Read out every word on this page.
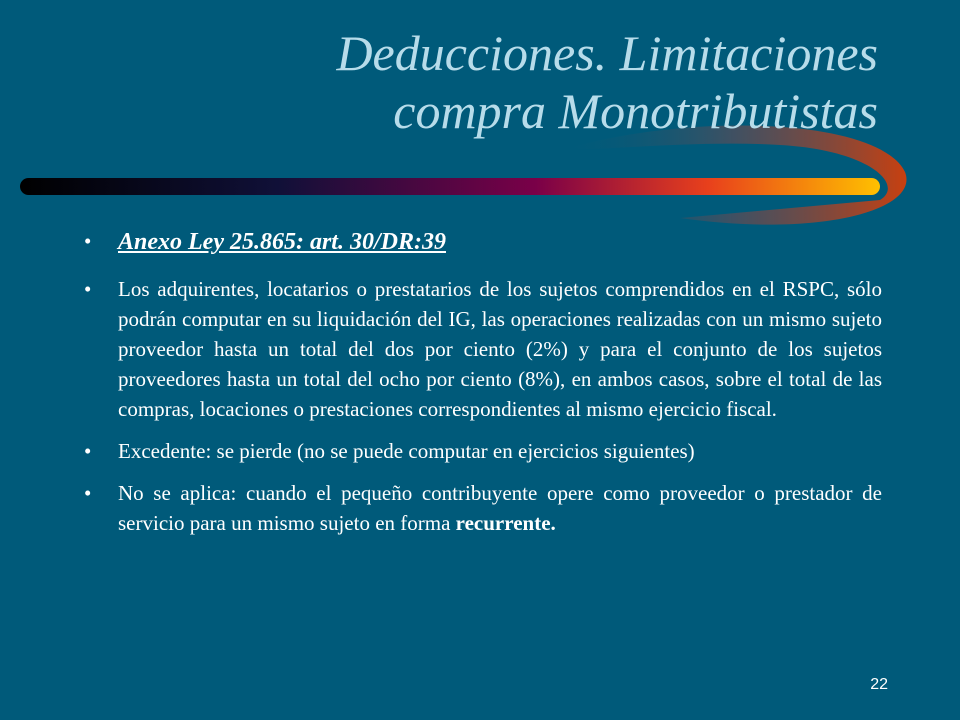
Deducciones. Limitaciones
compra Monotributistas
• Anexo Ley 25.865: art. 30/DR:39
• Los adquirentes, locatarios o prestatarios de los sujetos comprendidos en el RSPC, sólo podrán computar en su liquidación del IG, las operaciones realizadas con un mismo sujeto proveedor hasta un total del dos por ciento (2%) y para el conjunto de los sujetos proveedores hasta un total del ocho por ciento (8%), en ambos casos, sobre el total de las compras, locaciones o prestaciones correspondientes al mismo ejercicio fiscal.
• Excedente: se pierde (no se puede computar en ejercicios siguientes)
• No se aplica: cuando el pequeño contribuyente opere como proveedor o prestador de servicio para un mismo sujeto en forma recurrente.
22
